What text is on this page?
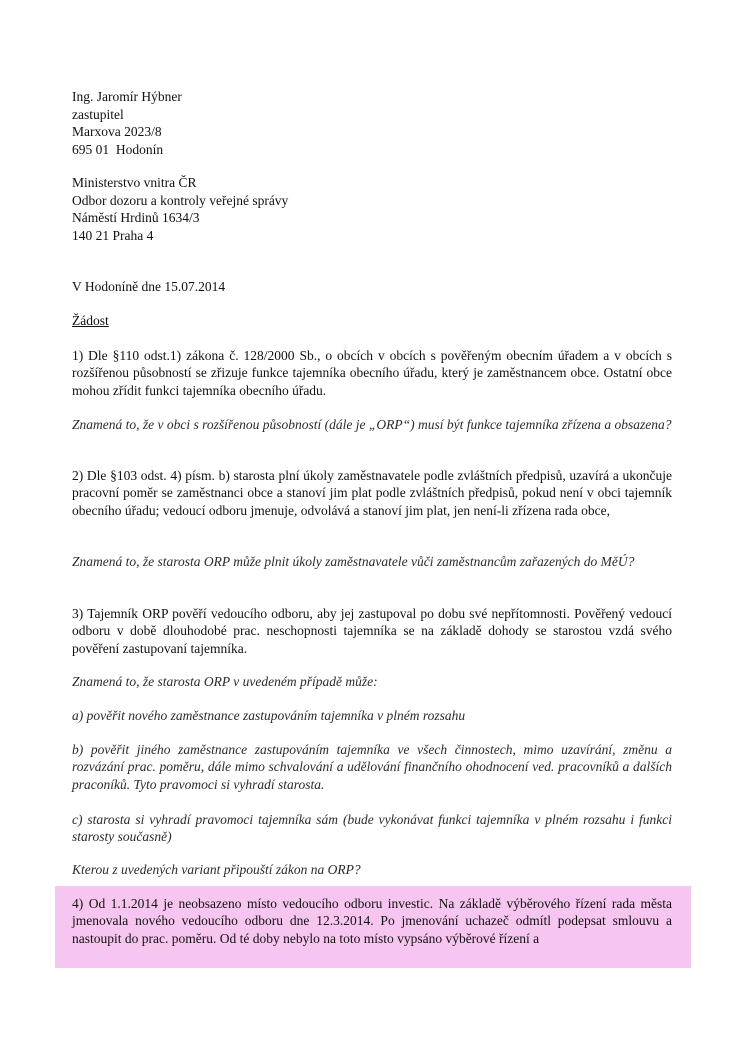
Ing. Jaromír Hýbner
zastupitel
Marxova 2023/8
695 01  Hodonín
Ministerstvo vnitra ČR
Odbor dozoru a kontroly veřejné správy
Náměstí Hrdinů 1634/3
140 21 Praha 4
V Hodoníně dne 15.07.2014
Žádost
1) Dle §110 odst.1) zákona č. 128/2000 Sb., o obcích v obcích s pověřeným obecním úřadem a v obcích s rozšířenou působností se zřizuje funkce tajemníka obecního úřadu, který je zaměstnancem obce. Ostatní obce mohou zřídit funkci tajemníka obecního úřadu.
Znamená to, že v obci s rozšířenou působností (dále je „ORP“) musí být funkce tajemníka zřízena a obsazena?
2) Dle §103 odst. 4) písm. b) starosta plní úkoly zaměstnavatele podle zvláštních předpisů, uzavírá a ukončuje pracovní poměr se zaměstnanci obce a stanoví jim plat podle zvláštních předpisů, pokud není v obci tajemník obecního úřadu; vedoucí odboru jmenuje, odvolává a stanoví jim plat, jen není-li zřízena rada obce,
Znamená to, že starosta ORP může plnit úkoly zaměstnavatele vůči zaměstnancům zařazených do MěÚ?
3) Tajemník ORP pověří vedoucího odboru, aby jej zastupoval po dobu své nepřítomnosti. Pověřený vedoucí odboru v době dlouhodobé prac. neschopnosti tajemníka se na základě dohody se starostou vzdá svého pověření zastupovaní tajemníka.
Znamená to, že starosta ORP v uvedeném případě může:
a) pověřit nového zaměstnance zastupováním tajemníka v plném rozsahu
b) pověřit jiného zaměstnance zastupováním tajemníka ve všech činnostech, mimo uzavírání, změnu a rozvázání prac. poměru, dále mimo schvalování a udělování finančního ohodnocení ved. pracovníků a dalších praconíků. Tyto pravomoci si vyhradí starosta.
c) starosta si vyhradí pravomoci tajemníka sám (bude vykonávat funkci tajemníka v plném rozsahu i funkci starosty současně)
Kterou z uvedených variant připouští zákon na ORP?
4) Od 1.1.2014 je neobsazeno místo vedoucího odboru investic. Na základě výběrového řízení rada města jmenovala nového vedoucího odboru dne 12.3.2014. Po jmenování uchazeč odmítl podepsat smlouvu a nastoupit do prac. poměru. Od té doby nebylo na toto místo vypsáno výběrové řízení a
